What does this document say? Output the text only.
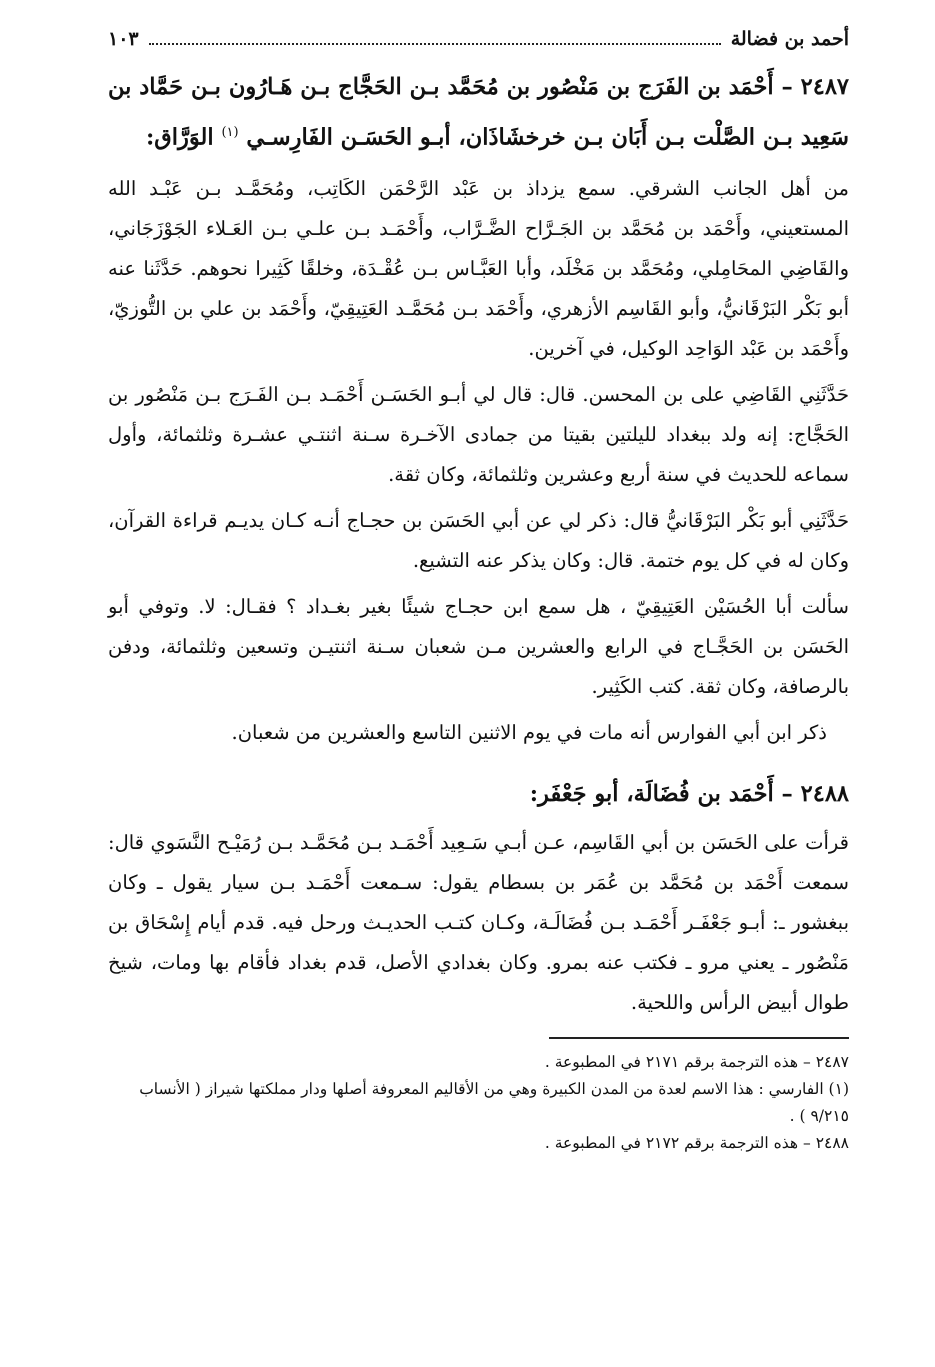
أحمد بن فضالة
١٠٣
٢٤٨٧ – أَحْمَد بن الفَرَج بن مَنْصُور بن مُحَمَّد بـن الحَجَّاج بـن هَـارُون بـن حَمَّاد بن سَعِيد بـن الصَّلْت بـن أَبَان بـن خرخشَاذَان، أبـو الحَسَـن الفَارِسـي $^{(١)}$ الوَرَّاق:

من أهل الجانب الشرقي. سمع يزداذ بن عَبْد الرَّحْمَن الكَاتِب، ومُحَمَّـد بـن عَبْـد الله المستعيني، وأَحْمَد بن مُحَمَّد بن الجَـرَّاح الضَّـرَّاب، وأَحْمَـد بـن علـي بـن العَـلاء الجَوْزَجَاني، والقَاضِي المحَامِلي، ومُحَمَّد بن مَخْلَد، وأبا العَبَّـاس بـن عُقْـدَة، وخلقًا كَثِيرا نحوهم. حَدَّثَنا عنه أبو بَكْر البَرْقَانيُّ، وأبو القَاسِم الأزهري، وأَحْمَد بـن مُحَمَّـد العَتِيقِيّ، وأَحْمَد بن علي بن التُّوزيّ، وأَحْمَد بن عَبْد الوَاحِد الوكيل، في آخرين.

حَدَّثَنِي القَاضِي على بن المحسن. قال: قال لي أبـو الحَسَـن أَحْمَـد بـن الفَـرَج بـن مَنْصُور بن الحَجَّاج: إنه ولد ببغداد لليلتين بقيتا من جمادى الآخـرة سـنة اثنتـي عشـرة وثلثمائة، وأول سماعه للحديث في سنة أربع وعشرين وثلثمائة، وكان ثقة.

حَدَّثَنِي أبو بَكْر البَرْقَانيُّ قال: ذكر لي عن أبي الحَسَن بن حجـاج أنـه كـان يديـم قراءة القرآن، وكان له في كل يوم ختمة. قال: وكان يذكر عنه التشيع.

سألت أبا الحُسَيْن العَتِيقِيّ ، هل سمع ابن حجـاج شيئًا بغير بغـداد ؟ فقـال: لا. وتوفي أبو الحَسَن بن الحَجَّـاج في الرابع والعشرين مـن شعبان سـنة اثنتيـن وتسعين وثلثمائة، ودفن بالرصافة، وكان ثقة. كتب الكَثِير.

ذكر ابن أبي الفوارس أنه مات في يوم الاثنين التاسع والعشرين من شعبان.

٢٤٨٨ – أَحْمَد بن فُضَالَة، أبو جَعْفَر:

قرأت على الحَسَن بن أبي القَاسِم، عـن أبـي سَـعِيد أَحْمَـد بـن مُحَمَّـد بـن رُمَيْـح النَّسَوي قال: سمعت أَحْمَد بن مُحَمَّد بن عُمَر بن بسطام يقول: سـمعت أَحْمَـد بـن سيار يقول ـ وكان ببغشور ـ: أبـو جَعْفَـر أَحْمَـد بـن فُضَالَـة، وكـان كتـب الحديـث ورحل فيه. قدم أيام إِسْحَاق بن مَنْصُور ـ يعني مرو ـ فكتب عنه بمرو. وكان بغدادي الأصل، قدم بغداد فأقام بها ومات، شيخ طوال أبيض الرأس واللحية.

٢٤٨٧ – هذه الترجمة برقم ٢١٧١ في المطبوعة .
(١) الفارسي : هذا الاسم لعدة من المدن الكبيرة وهي من الأقاليم المعروفة أصلها ودار مملكتها شيراز ( الأنساب ٩/٢١٥ ) .
٢٤٨٨ – هذه الترجمة برقم ٢١٧٢ في المطبوعة .
